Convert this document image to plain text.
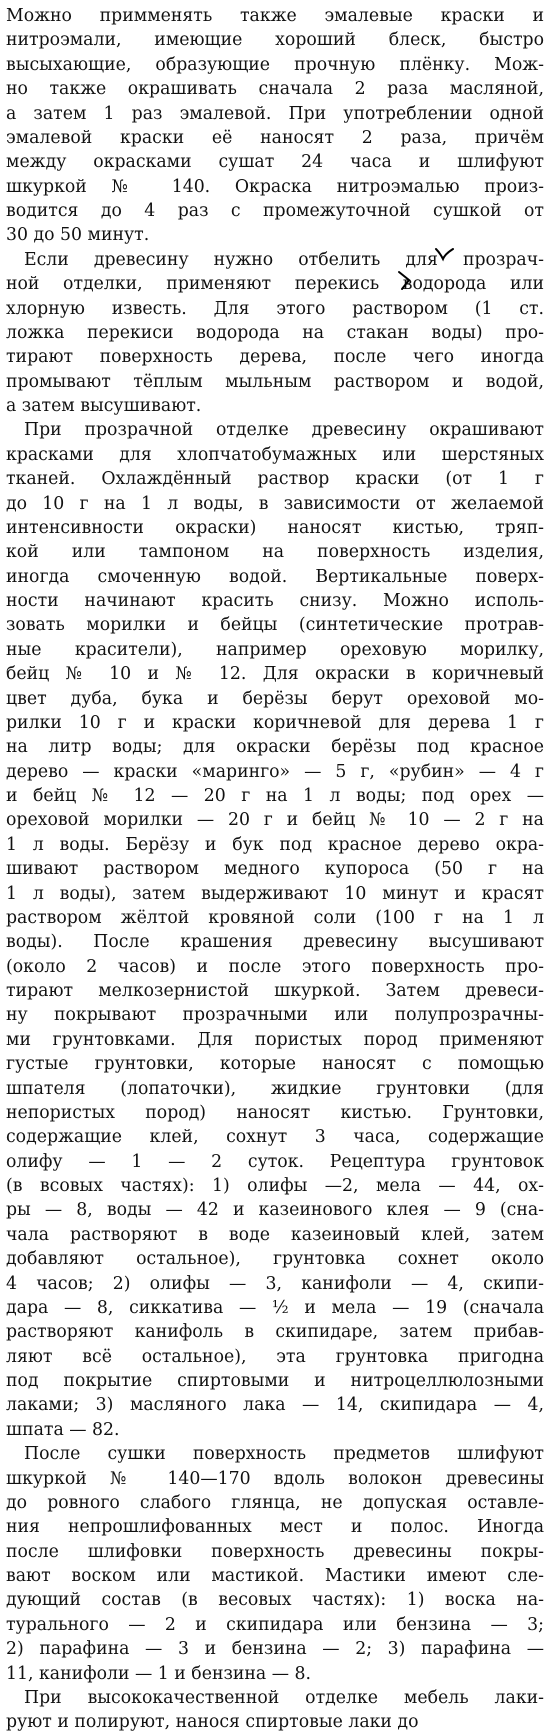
Можно примменять также эмалевые краски и
нитроэмали, имеющие хороший блеск, быстро
высыхающие, образующие прочную плёнку. Мож-
но также окрашивать сначала 2 раза масляной,
а затем 1 раз эмалевой. При употреблении одной
эмалевой краски её наносят 2 раза, причём
между окрасками сушат 24 часа и шлифуют
шкуркой № 140. Окраска нитроэмалью произ-
водится до 4 раз с промежуточной сушкой от
30 до 50 минут.
Если древесину нужно отбелить для прозрач-
ной отделки, применяют перекись водорода или
хлорную известь. Для этого раствором (1 ст.
ложка перекиси водорода на стакан воды) про-
тирают поверхность дерева, после чего иногда
промывают тёплым мыльным раствором и водой,
а затем высушивают.
При прозрачной отделке древесину окрашивают
красками для хлопчатобумажных или шерстяных
тканей. Охлаждённый раствор краски (от 1 г
до 10 г на 1 л воды, в зависимости от желаемой
интенсивности окраски) наносят кистью, тряп-
кой или тампоном на поверхность изделия,
иногда смоченную водой. Вертикальные поверх-
ности начинают красить снизу. Можно исполь-
зовать морилки и бейцы (синтетические протрав-
ные красители), например ореховую морилку,
бейц № 10 и № 12. Для окраски в коричневый
цвет дуба, бука и берёзы берут ореховой мо-
рилки 10 г и краски коричневой для дерева 1 г
на литр воды; для окраски берёзы под красное
дерево — краски «маринго» — 5 г, «рубин» — 4 г
и бейц № 12 — 20 г на 1 л воды; под орех —
ореховой морилки — 20 г и бейц № 10 — 2 г на
1 л воды. Берёзу и бук под красное дерево окра-
шивают раствором медного купороса (50 г на
1 л воды), затем выдерживают 10 минут и красят
раствором жёлтой кровяной соли (100 г на 1 л
воды). После крашения древесину высушивают
(около 2 часов) и после этого поверхность про-
тирают мелкозернистой шкуркой. Затем древеси-
ну покрывают прозрачными или полупрозрачны-
ми грунтовками. Для пористых пород применяют
густые грунтовки, которые наносят с помощью
шпателя (лопаточки), жидкие грунтовки (для
непористых пород) наносят кистью. Грунтовки,
содержащие клей, сохнут 3 часа, содержащие
олифу — 1 — 2 суток. Рецептура грунтовок
(в всовых частях): 1) олифы —2, мела — 44, ох-
ры — 8, воды — 42 и казеинового клея — 9 (сна-
чала растворяют в воде казеиновый клей, затем
добавляют остальное), грунтовка сохнет около
4 часов; 2) олифы — 3, канифоли — 4, скипи-
дара — 8, сиккатива — ½ и мела — 19 (сначала
растворяют канифоль в скипидаре, затем прибав-
ляют всё остальное), эта грунтовка пригодна
под покрытие спиртовыми и нитроцеллюлозными
лаками; 3) масляного лака — 14, скипидара — 4,
шпата — 82.
После сушки поверхность предметов шлифуют
шкуркой № 140—170 вдоль волокон древесины
до ровного слабого глянца, не допуская оставле-
ния непрошлифованных мест и полос. Иногда
после шлифовки поверхность древесины покры-
вают воском или мастикой. Мастики имеют сле-
дующий состав (в весовых частях): 1) воска на-
турального — 2 и скипидара или бензина — 3;
2) парафина — 3 и бензина — 2; 3) парафина —
11, канифоли — 1 и бензина — 8.
При высококачественной отделке мебель лаки-
руют и полируют, нанося спиртовые лаки до
